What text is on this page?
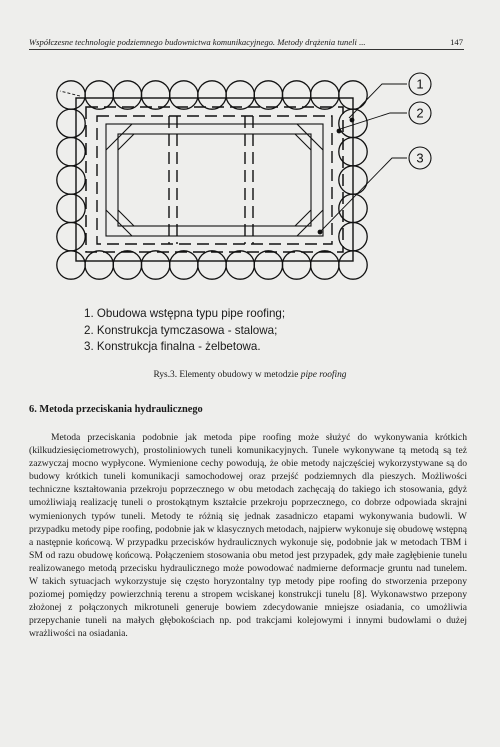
Współczesne technologie podziemnego budownictwa komunikacyjnego. Metody drążenia tuneli ...	147
1
2
3
1. Obudowa wstępna typu pipe roofing;
2. Konstrukcja tymczasowa - stalowa;
3. Konstrukcja finalna - żelbetowa.
Rys.3. Elementy obudowy w metodzie pipe roofing
6. Metoda przeciskania hydraulicznego

Metoda przeciskania podobnie jak metoda pipe roofing może służyć do wykonywania krótkich (kilkudziesięciometrowych), prostoliniowych tuneli komunikacyjnych. Tunele wykonywane tą metodą są też zazwyczaj mocno wypłycone. Wymienione cechy powodują, że obie metody najczęściej wykorzystywane są do budowy krótkich tuneli komunikacji samochodowej oraz przejść podziemnych dla pieszych. Możliwości techniczne kształtowania przekroju poprzecznego w obu metodach zachęcają do takiego ich stosowania, gdyż umożliwiają realizację tuneli o prostokątnym kształcie przekroju poprzecznego, co dobrze odpowiada skrajni wymienionych typów tuneli. Metody te różnią się jednak zasadniczo etapami wykonywania budowli. W przypadku metody pipe roofing, podobnie jak w klasycznych metodach, najpierw wykonuje się obudowę wstępną a następnie końcową. W przypadku przecisków hydraulicznych wykonuje się, podobnie jak w metodach TBM i SM od razu obudowę końcową. Połączeniem stosowania obu metod jest przypadek, gdy małe zagłębienie tunelu realizowanego metodą przecisku hydraulicznego może powodować nadmierne deformacje gruntu nad tunelem. W takich sytuacjach wykorzystuje się często horyzontalny typ metody pipe roofing do stworzenia przepony poziomej pomiędzy powierzchnią terenu a stropem wciskanej konstrukcji tunelu [8]. Wykonawstwo przepony złożonej z połączonych mikrotuneli generuje bowiem zdecydowanie mniejsze osiadania, co umożliwia przepychanie tuneli na małych głębokościach np. pod trakcjami kolejowymi i innymi budowlami o dużej wrażliwości na osiadania.
